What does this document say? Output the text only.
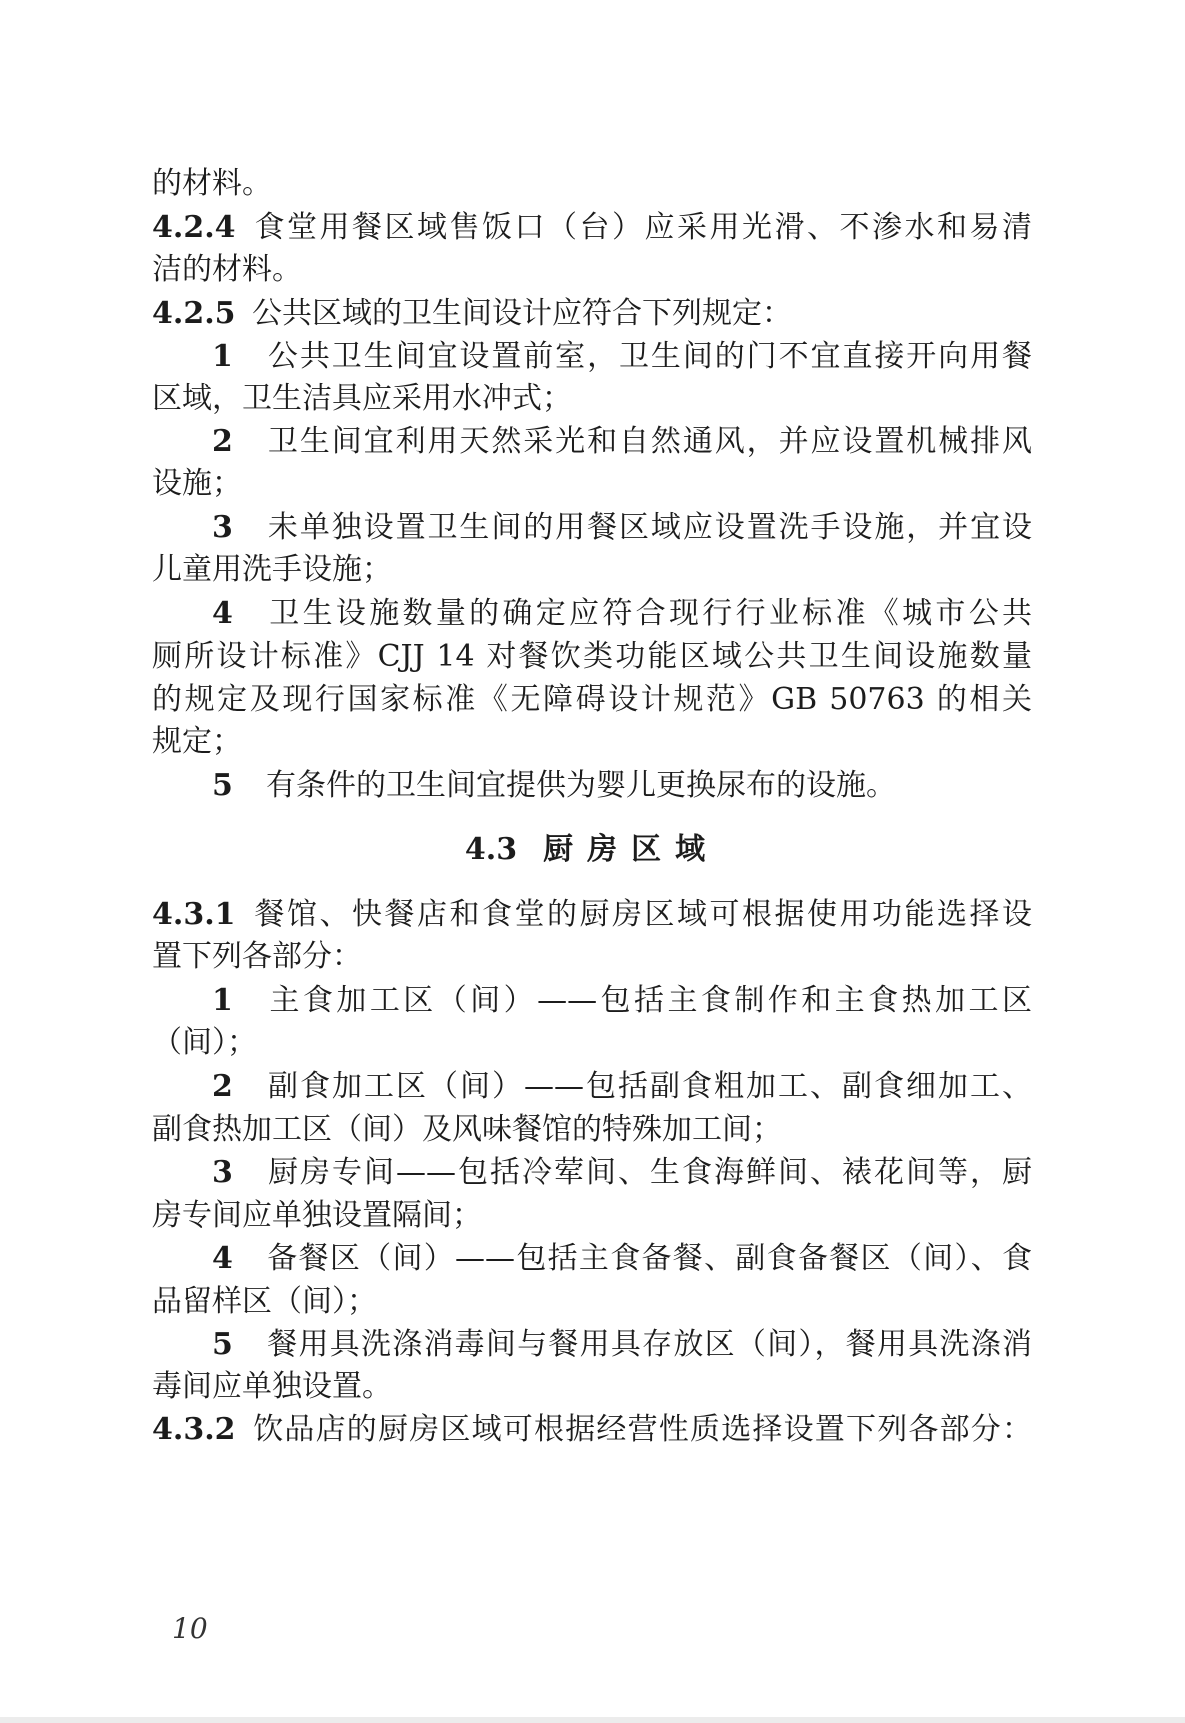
的材料。
4.2.4 食堂用餐区域售饭口（台）应采用光滑、不渗水和易清
洁的材料。
4.2.5 公共区域的卫生间设计应符合下列规定：
1 公共卫生间宜设置前室，卫生间的门不宜直接开向用餐
区域，卫生洁具应采用水冲式；
2 卫生间宜利用天然采光和自然通风，并应设置机械排风
设施；
3 未单独设置卫生间的用餐区域应设置洗手设施，并宜设
儿童用洗手设施；
4 卫生设施数量的确定应符合现行行业标准《城市公共
厕所设计标准》CJJ 14 对餐饮类功能区域公共卫生间设施数量
的规定及现行国家标准《无障碍设计规范》GB 50763 的相关
规定；
5 有条件的卫生间宜提供为婴儿更换尿布的设施。
4.3 厨房区域
4.3.1 餐馆、快餐店和食堂的厨房区域可根据使用功能选择设
置下列各部分：
1 主食加工区（间）——包括主食制作和主食热加工区
（间）；
2 副食加工区（间）——包括副食粗加工、副食细加工、
副食热加工区（间）及风味餐馆的特殊加工间；
3 厨房专间——包括冷荤间、生食海鲜间、裱花间等，厨
房专间应单独设置隔间；
4 备餐区（间）——包括主食备餐、副食备餐区（间）、食
品留样区（间）；
5 餐用具洗涤消毒间与餐用具存放区（间），餐用具洗涤消
毒间应单独设置。
4.3.2 饮品店的厨房区域可根据经营性质选择设置下列各部分：
10
